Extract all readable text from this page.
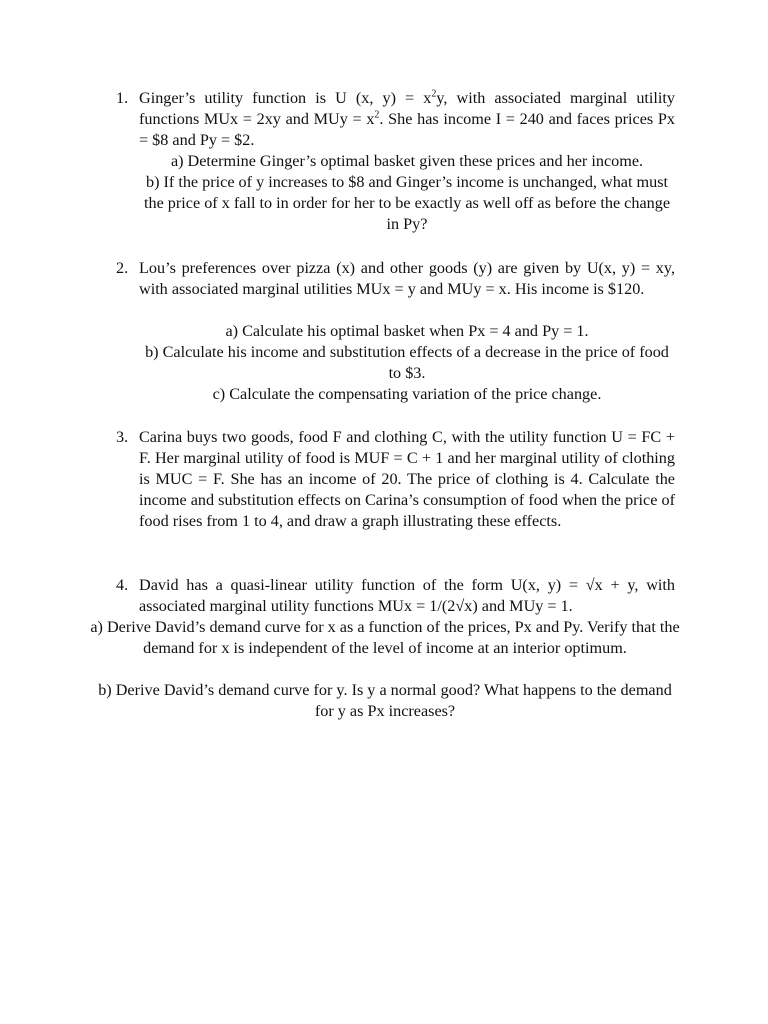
1. Ginger’s utility function is U (x, $y) = x^2y$, with associated marginal utility functions MUx = 2xy and MUy = $x^2$. She has income I = 240 and faces prices Px = $8 and Py = $2.
a) Determine Ginger’s optimal basket given these prices and her income.
b) If the price of y increases to $8 and Ginger’s income is unchanged, what must the price of x fall to in order for her to be exactly as well off as before the change in Py?
2. Lou’s preferences over pizza (x) and other goods (y) are given by U(x, y) = xy, with associated marginal utilities MUx = y and MUy = x. His income is $120.
a) Calculate his optimal basket when Px = 4 and Py = 1.
b) Calculate his income and substitution effects of a decrease in the price of food to $3.
c) Calculate the compensating variation of the price change.
3. Carina buys two goods, food F and clothing C, with the utility function U = FC + F. Her marginal utility of food is MUF = C + 1 and her marginal utility of clothing is MUC = F. She has an income of 20. The price of clothing is 4. Calculate the income and substitution effects on Carina’s consumption of food when the price of food rises from 1 to 4, and draw a graph illustrating these effects.
4. David has a quasi-linear utility function of the form U(x, y) = √x + y, with associated marginal utility functions MUx = 1/(2√x) and MUy = 1.
a) Derive David’s demand curve for x as a function of the prices, Px and Py. Verify that the demand for x is independent of the level of income at an interior optimum.
b) Derive David’s demand curve for y. Is y a normal good? What happens to the demand for y as Px increases?
